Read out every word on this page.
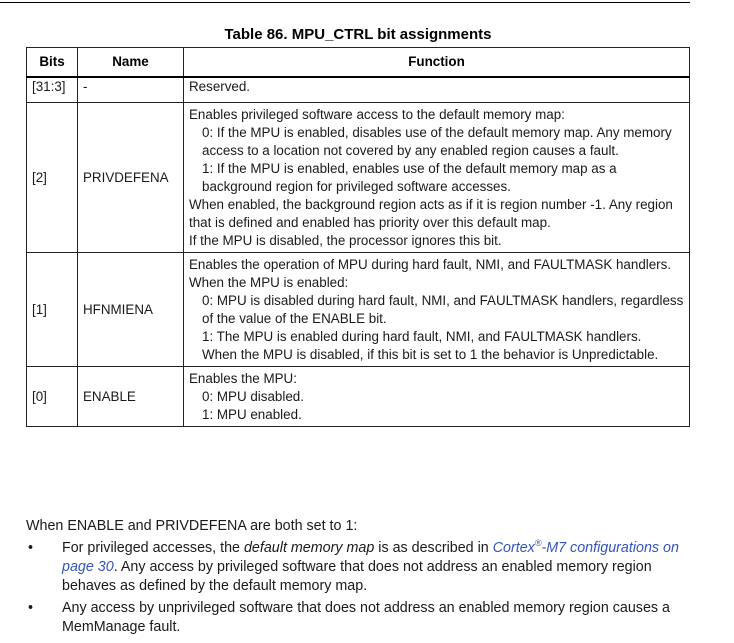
Table 86. MPU_CTRL bit assignments
Bits	Name	Function
[31:3]	-	Reserved.

[2]	PRIVDEFENA	Enables privileged software access to the default memory map:
0: If the MPU is enabled, disables use of the default memory map. Any memory access to a location not covered by any enabled region causes a fault.
1: If the MPU is enabled, enables use of the default memory map as a background region for privileged software accesses.
When enabled, the background region acts as if it is region number -1. Any region that is defined and enabled has priority over this default map.
If the MPU is disabled, the processor ignores this bit.

[1]	HFNMIENA	Enables the operation of MPU during hard fault, NMI, and FAULTMASK handlers.
When the MPU is enabled:
0: MPU is disabled during hard fault, NMI, and FAULTMASK handlers, regardless of the value of the ENABLE bit.
1: The MPU is enabled during hard fault, NMI, and FAULTMASK handlers.
When the MPU is disabled, if this bit is set to 1 the behavior is Unpredictable.

[0]	ENABLE	Enables the MPU:
0: MPU disabled.
1: MPU enabled.
When ENABLE and PRIVDEFENA are both set to 1:
• For privileged accesses, the default memory map is as described in Cortex®-M7 configurations on page 30. Any access by privileged software that does not address an enabled memory region behaves as defined by the default memory map.
• Any access by unprivileged software that does not address an enabled memory region causes a MemManage fault.
